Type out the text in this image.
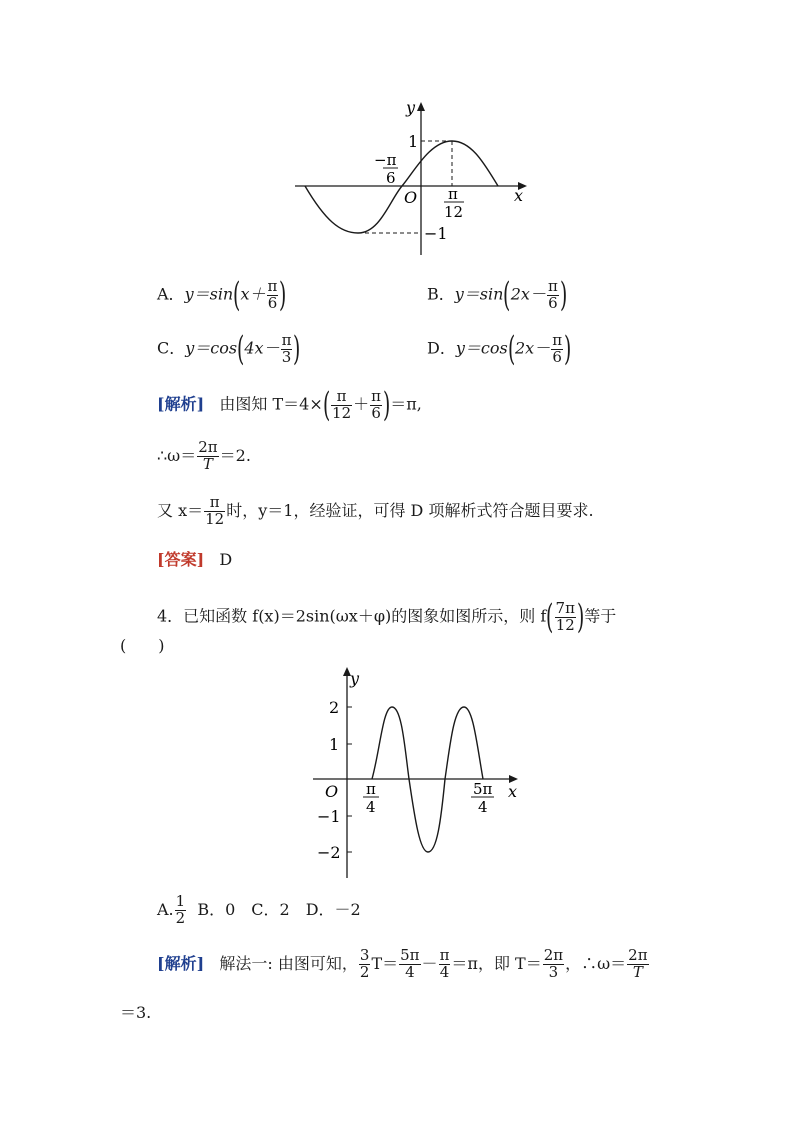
y
x
O
1
−1
−π
6
π
12
A．$y=\sin(x+ \frac{\pi}{6}$ )	B．$y=\sin(2x- \frac{\pi}{6}$ )
C．$y=\cos(4x- \frac{\pi}{3}$ )	D．$y=\cos(2x- \frac{\pi}{6}$ )
[解析] 由图知 $T=4\times( \frac{\pi}{12} + \frac{\pi}{6} )=\pi$,
∴ω＝ $\frac{2\pi}{T} =2$.
又 $x= \frac{\pi}{12}$ 时，y＝1，经验证，可得 D 项解析式符合题目要求.
[答案] D
4．已知函数 f(x)＝2sin(ωx＋φ)的图象如图所示，则 $f( \frac{7\pi}{12}$ )等于
(　　)
y
x
O
2
1
−1
−2
π
4
5π
4
A. $\frac{1}{2}$ B．0　C．2　D．－2
[解析] 解法一: 由图可知， $\frac{3}{2} T= \frac{5\pi}{4} - \frac{\pi}{4} =\pi$，即 $T= \frac{2\pi}{3}$ ，∴ω＝ $\frac{2\pi}{T}$
＝3.
